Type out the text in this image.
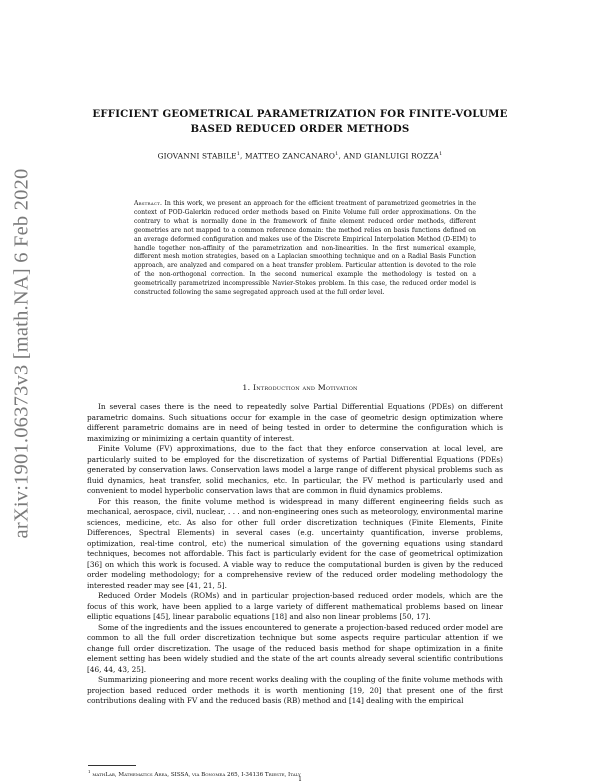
arXiv:1901.06373v3 [math.NA] 6 Feb 2020
EFFICIENT GEOMETRICAL PARAMETRIZATION FOR FINITE-VOLUME BASED REDUCED ORDER METHODS
GIOVANNI STABILE$^1$, MATTEO ZANCANARO$^1$, AND GIANLUIGI ROZZA$^1$
Abstract. In this work, we present an approach for the efficient treatment of parametrized geometries in the context of POD-Galerkin reduced order methods based on Finite Volume full order approximations. On the contrary to what is normally done in the framework of finite element reduced order methods, different geometries are not mapped to a common reference domain: the method relies on basis functions defined on an average deformed configuration and makes use of the Discrete Empirical Interpolation Method (D-EIM) to handle together non-affinity of the parametrization and non-linearities. In the first numerical example, different mesh motion strategies, based on a Laplacian smoothing technique and on a Radial Basis Function approach, are analyzed and compared on a heat transfer problem. Particular attention is devoted to the role of the non-orthogonal correction. In the second numerical example the methodology is tested on a geometrically parametrized incompressible Navier-Stokes problem. In this case, the reduced order model is constructed following the same segregated approach used at the full order level.
1. Introduction and Motivation

In several cases there is the need to repeatedly solve Partial Differential Equations (PDEs) on different parametric domains. Such situations occur for example in the case of geometric design optimization where different parametric domains are in need of being tested in order to determine the configuration which is maximizing or minimizing a certain quantity of interest.

Finite Volume (FV) approximations, due to the fact that they enforce conservation at local level, are particularly suited to be employed for the discretization of systems of Partial Differential Equations (PDEs) generated by conservation laws. Conservation laws model a large range of different physical problems such as fluid dynamics, heat transfer, solid mechanics, etc. In particular, the FV method is particularly used and convenient to model hyperbolic conservation laws that are common in fluid dynamics problems.

For this reason, the finite volume method is widespread in many different engineering fields such as mechanical, aerospace, civil, nuclear, . . . and non-engineering ones such as meteorology, environmental marine sciences, medicine, etc. As also for other full order discretization techniques (Finite Elements, Finite Differences, Spectral Elements) in several cases (e.g. uncertainty quantification, inverse problems, optimization, real-time control, etc) the numerical simulation of the governing equations using standard techniques, becomes not affordable. This fact is particularly evident for the case of geometrical optimization [36] on which this work is focused. A viable way to reduce the computational burden is given by the reduced order modeling methodology; for a comprehensive review of the reduced order modeling methodology the interested reader may see [41, 21, 5].

Reduced Order Models (ROMs) and in particular projection-based reduced order models, which are the focus of this work, have been applied to a large variety of different mathematical problems based on linear elliptic equations [45], linear parabolic equations [18] and also non linear problems [50, 17].

Some of the ingredients and the issues encountered to generate a projection-based reduced order model are common to all the full order discretization technique but some aspects require particular attention if we change full order discretization. The usage of the reduced basis method for shape optimization in a finite element setting has been widely studied and the state of the art counts already several scientific contributions [46, 44, 43, 25].

Summarizing pioneering and more recent works dealing with the coupling of the finite volume methods with projection based reduced order methods it is worth mentioning [19, 20] that present one of the first contributions dealing with FV and the reduced basis (RB) method and [14] dealing with the empirical

$^1$ mathLab, Mathematics Area, SISSA, via Bonomea 265, I-34136 Trieste, Italy
1
